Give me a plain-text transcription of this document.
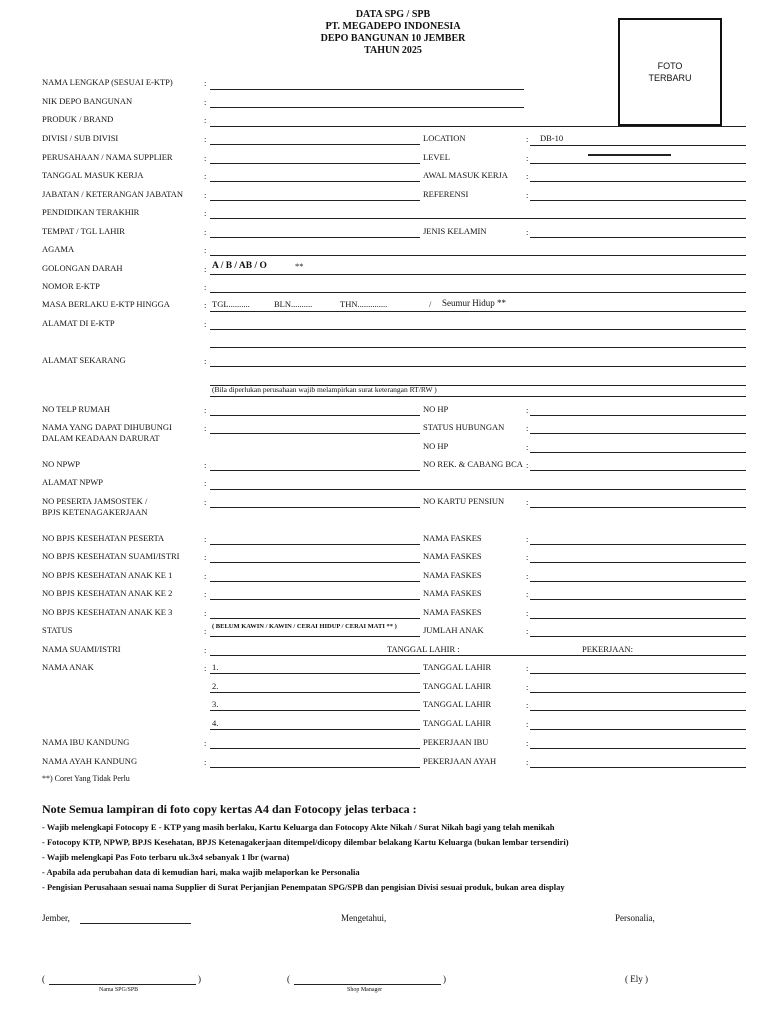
DATA SPG / SPB
PT. MEGADEPO INDONESIA
DEPO BANGUNAN 10 JEMBER
TAHUN 2025
FOTO
TERBARU
NAMA LENGKAP (SESUAI E-KTP)	:
NIK DEPO BANGUNAN	:
PRODUK / BRAND	:
DIVISI / SUB DIVISI	:	LOCATION	: DB-10
PERUSAHAAN / NAMA SUPPLIER	:	LEVEL	:
TANGGAL MASUK KERJA	:	AWAL MASUK KERJA :
JABATAN / KETERANGAN JABATAN :	REFERENSI	:
PENDIDIKAN TERAKHIR	:
TEMPAT / TGL LAHIR	:	JENIS KELAMIN	:
AGAMA	:
GOLONGAN DARAH	: A / B / AB / O	**
NOMOR E-KTP	:
MASA BERLAKU E-KTP HINGGA	: TGL..........	BLN..........	THN..............	/ Seumur Hidup **
ALAMAT DI E-KTP	:
ALAMAT SEKARANG	:
(Bila diperlukan perusahaan wajib melampirkan surat keterangan RT/RW )
NO TELP RUMAH	:	NO HP	:
NAMA YANG DAPAT DIHUBUNGI
DALAM KEADAAN DARURAT
:	STATUS HUBUNGAN	:
NO HP	:
NO NPWP	:	NO REK. & CABANG BCA :
ALAMAT NPWP	:
NO PESERTA JAMSOSTEK /
BPJS KETENAGAKERJAAN
:	NO KARTU PENSIUN	:
NO BPJS KESEHATAN PESERTA	:	NAMA FASKES	:
NO BPJS KESEHATAN SUAMI/ISTRI	:	NAMA FASKES	:
NO BPJS KESEHATAN ANAK KE 1	:	NAMA FASKES	:
NO BPJS KESEHATAN ANAK KE 2	:	NAMA FASKES	:
NO BPJS KESEHATAN ANAK KE 3	:	NAMA FASKES	:
STATUS	: ( BELUM KAWIN / KAWIN / CERAI HIDUP / CERAI MATI ** )	JUMLAH ANAK	:
NAMA SUAMI/ISTRI	:	TANGGAL LAHIR :	PEKERJAAN:
NAMA ANAK	: 1.	TANGGAL LAHIR	:
2.	TANGGAL LAHIR	:
3.	TANGGAL LAHIR	:
4.	TANGGAL LAHIR	:
NAMA IBU KANDUNG	:	PEKERJAAN IBU	:
NAMA AYAH KANDUNG	:	PEKERJAAN AYAH	:
**) Coret Yang Tidak Perlu
Note Semua lampiran di foto copy kertas A4 dan Fotocopy jelas terbaca :
- Wajib melengkapi Fotocopy E - KTP yang masih berlaku, Kartu Keluarga dan Fotocopy Akte Nikah / Surat Nikah bagi yang telah menikah
- Fotocopy KTP, NPWP, BPJS Kesehatan, BPJS Ketenagakerjaan ditempel/dicopy dilembar belakang Kartu Keluarga (bukan lembar tersendiri)
- Wajib melengkapi Pas Foto terbaru uk.3x4 sebanyak 1 lbr (warna)
- Apabila ada perubahan data di kemudian hari, maka wajib melaporkan ke Personalia
- Pengisian Perusahaan sesuai nama Supplier di Surat Perjanjian Penempatan SPG/SPB dan pengisian Divisi sesuai produk, bukan area display
Jember,	Mengetahui,	Personalia,
(	)
Nama SPG/SPB
(	)
Shop Manager
( Ely )
